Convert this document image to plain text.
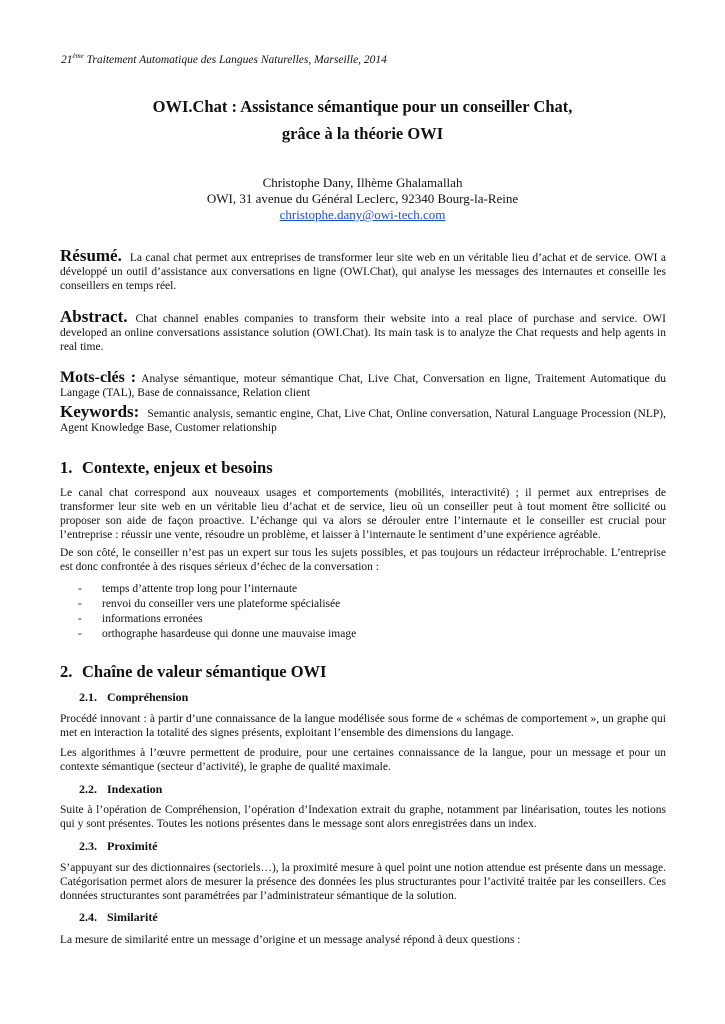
21ème Traitement Automatique des Langues Naturelles, Marseille, 2014
OWI.Chat : Assistance sémantique pour un conseiller Chat,
grâce à la théorie OWI
Christophe Dany, Ilhème Ghalamallah
OWI, 31 avenue du Général Leclerc, 92340 Bourg-la-Reine
christophe.dany@owi-tech.com
Résumé. La canal chat permet aux entreprises de transformer leur site web en un véritable lieu d’achat et de service. OWI a développé un outil d’assistance aux conversations en ligne (OWI.Chat), qui analyse les messages des internautes et conseille les conseillers en temps réel.
Abstract. Chat channel enables companies to transform their website into a real place of purchase and service. OWI developed an online conversations assistance solution (OWI.Chat). Its main task is to analyze the Chat requests and help agents in real time.
Mots-clés : Analyse sémantique, moteur sémantique Chat, Live Chat, Conversation en ligne, Traitement Automatique du Langage (TAL), Base de connaissance, Relation client
Keywords: Semantic analysis, semantic engine, Chat, Live Chat, Online conversation, Natural Language Procession (NLP), Agent Knowledge Base, Customer relationship
1. Contexte, enjeux et besoins
Le canal chat correspond aux nouveaux usages et comportements (mobilités, interactivité) ; il permet aux entreprises de transformer leur site web en un véritable lieu d’achat et de service, lieu où un conseiller peut à tout moment être sollicité ou proposer son aide de façon proactive. L’échange qui va alors se dérouler entre l’internaute et le conseiller est crucial pour l’entreprise : réussir une vente, résoudre un problème, et laisser à l’internaute le sentiment d’une expérience agréable.
De son côté, le conseiller n’est pas un expert sur tous les sujets possibles, et pas toujours un rédacteur irréprochable. L’entreprise est donc confrontée à des risques sérieux d’échec de la conversation :
- temps d’attente trop long pour l’internaute
- renvoi du conseiller vers une plateforme spécialisée
- informations erronées
- orthographe hasardeuse qui donne une mauvaise image
2. Chaîne de valeur sémantique OWI
2.1. Compréhension
Procédé innovant : à partir d’une connaissance de la langue modélisée sous forme de « schémas de comportement », un graphe qui met en interaction la totalité des signes présents, exploitant l’ensemble des dimensions du langage.
Les algorithmes à l’œuvre permettent de produire, pour une certaines connaissance de la langue, pour un message et pour un contexte sémantique (secteur d’activité), le graphe de qualité maximale.
2.2. Indexation
Suite à l’opération de Compréhension, l’opération d’Indexation extrait du graphe, notamment par linéarisation, toutes les notions qui y sont présentes. Toutes les notions présentes dans le message sont alors enregistrées dans un index.
2.3. Proximité
S’appuyant sur des dictionnaires (sectoriels…), la proximité mesure à quel point une notion attendue est présente dans un message. Catégorisation permet alors de mesurer la présence des données les plus structurantes pour l’activité traitée par les conseillers. Ces données structurantes sont paramétrées par l’administrateur sémantique de la solution.
2.4. Similarité
La mesure de similarité entre un message d’origine et un message analysé répond à deux questions :
